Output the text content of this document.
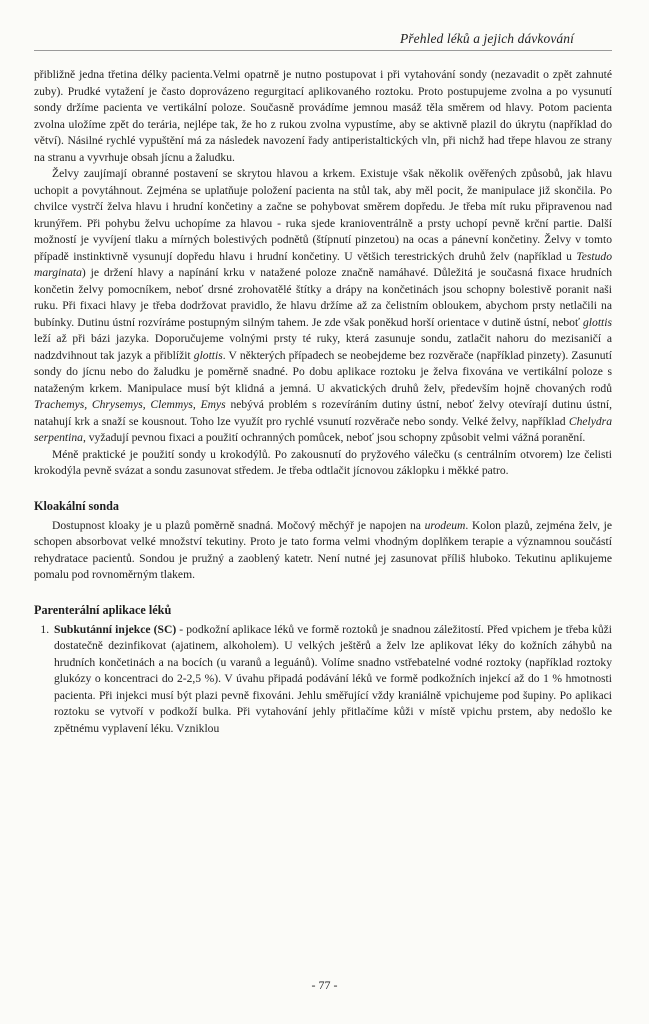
Přehled léků a jejich dávkování

přibližně jedna třetina délky pacienta.Velmi opatrně je nutno postupovat i při vytahování sondy (nezavadit o zpět zahnuté zuby). Prudké vytažení je často doprovázeno regurgitací aplikovaného roztoku. Proto postupujeme zvolna a po vysunutí sondy držíme pacienta ve vertikální poloze. Současně provádíme jemnou masáž těla směrem od hlavy. Potom pacienta zvolna uložíme zpět do terária, nejlépe tak, že ho z rukou zvolna vypustíme, aby se aktivně plazil do úkrytu (například do větví). Násilné rychlé vypuštění má za následek navození řady antiperistaltických vln, při nichž had třepe hlavou ze strany na stranu a vyvrhuje obsah jícnu a žaludku.

Želvy zaujímají obranné postavení se skrytou hlavou a krkem. Existuje však několik ověřených způsobů, jak hlavu uchopit a povytáhnout. Zejména se uplatňuje položení pacienta na stůl tak, aby měl pocit, že manipulace již skončila. Po chvilce vystrčí želva hlavu i hrudní končetiny a začne se pohybovat směrem dopředu. Je třeba mít ruku připravenou nad krunýřem. Při pohybu želvu uchopíme za hlavou - ruka sjede kranioventrálně a prsty uchopí pevně krční partie. Další možností je vyvíjení tlaku a mírných bolestivých podnětů (štípnutí pinzetou) na ocas a pánevní končetiny. Želvy v tomto případě instinktivně vysunují dopředu hlavu i hrudní končetiny. U většich terestrických druhů želv (například u Testudo marginata) je držení hlavy a napínání krku v natažené poloze značně namáhavé. Důležitá je současná fixace hrudních končetin želvy pomocníkem, neboť drsné zrohovatělé štítky a drápy na končetinách jsou schopny bolestivě poranit naši ruku. Při fixaci hlavy je třeba dodržovat pravidlo, že hlavu držíme až za čelistním obloukem, abychom prsty netlačili na bubínky. Dutinu ústní rozvíráme postupným silným tahem. Je zde však poněkud horší orientace v dutině ústní, neboť glottis leží až při bázi jazyka. Doporučujeme volnými prsty té ruky, která zasunuje sondu, zatlačit nahoru do mezisaničí a nadzdvihnout tak jazyk a přiblížit glottis. V některých případech se neobejdeme bez rozvěrače (například pinzety). Zasunutí sondy do jícnu nebo do žaludku je poměrně snadné. Po dobu aplikace roztoku je želva fixována ve vertikální poloze s nataženým krkem. Manipulace musí být klidná a jemná. U akvatických druhů želv, především hojně chovaných rodů Trachemys, Chrysemys, Clemmys, Emys nebývá problém s rozevíráním dutiny ústní, neboť želvy otevírají dutinu ústní, natahují krk a snaží se kousnout. Toho lze využít pro rychlé vsunutí rozvěrače nebo sondy. Velké želvy, například Chelydra serpentina, vyžadují pevnou fixaci a použití ochranných pomůcek, neboť jsou schopny způsobit velmi vážná poranění.

Méně praktické je použití sondy u krokodýlů. Po zakousnutí do pryžového válečku (s centrálním otvorem) lze čelisti krokodýla pevně svázat a sondu zasunovat středem. Je třeba odtlačit jícnovou záklopku i měkké patro.

Kloakální sonda

Dostupnost kloaky je u plazů poměrně snadná. Močový měchýř je napojen na urodeum. Kolon plazů, zejména želv, je schopen absorbovat velké množství tekutiny. Proto je tato forma velmi vhodným doplňkem terapie a významnou součástí rehydratace pacientů. Sondou je pružný a zaoblený katetr. Není nutné jej zasunovat příliš hluboko. Tekutinu aplikujeme pomalu pod rovnoměrným tlakem.

Parenterální aplikace léků
1. Subkutánní injekce (SC) - podkožní aplikace léků ve formě roztoků je snadnou záležitostí. Před vpichem je třeba kůži dostatečně dezinfikovat (ajatinem, alkoholem). U velkých ještěrů a želv lze aplikovat léky do kožních záhybů na hrudních končetinách a na bocích (u varanů a leguánů). Volíme snadno vstřebatelné vodné roztoky (například roztoky glukózy o koncentraci do 2-2,5 %). V úvahu připadá podávání léků ve formě podkožních injekcí až do 1 % hmotnosti pacienta. Při injekci musí být plazi pevně fixováni. Jehlu směřující vždy kraniálně vpichujeme pod šupiny. Po aplikaci roztoku se vytvoří v podkoží bulka. Při vytahování jehly přitlačíme kůži v místě vpichu prstem, aby nedošlo ke zpětnému vyplavení léku. Vzniklou
- 77 -
